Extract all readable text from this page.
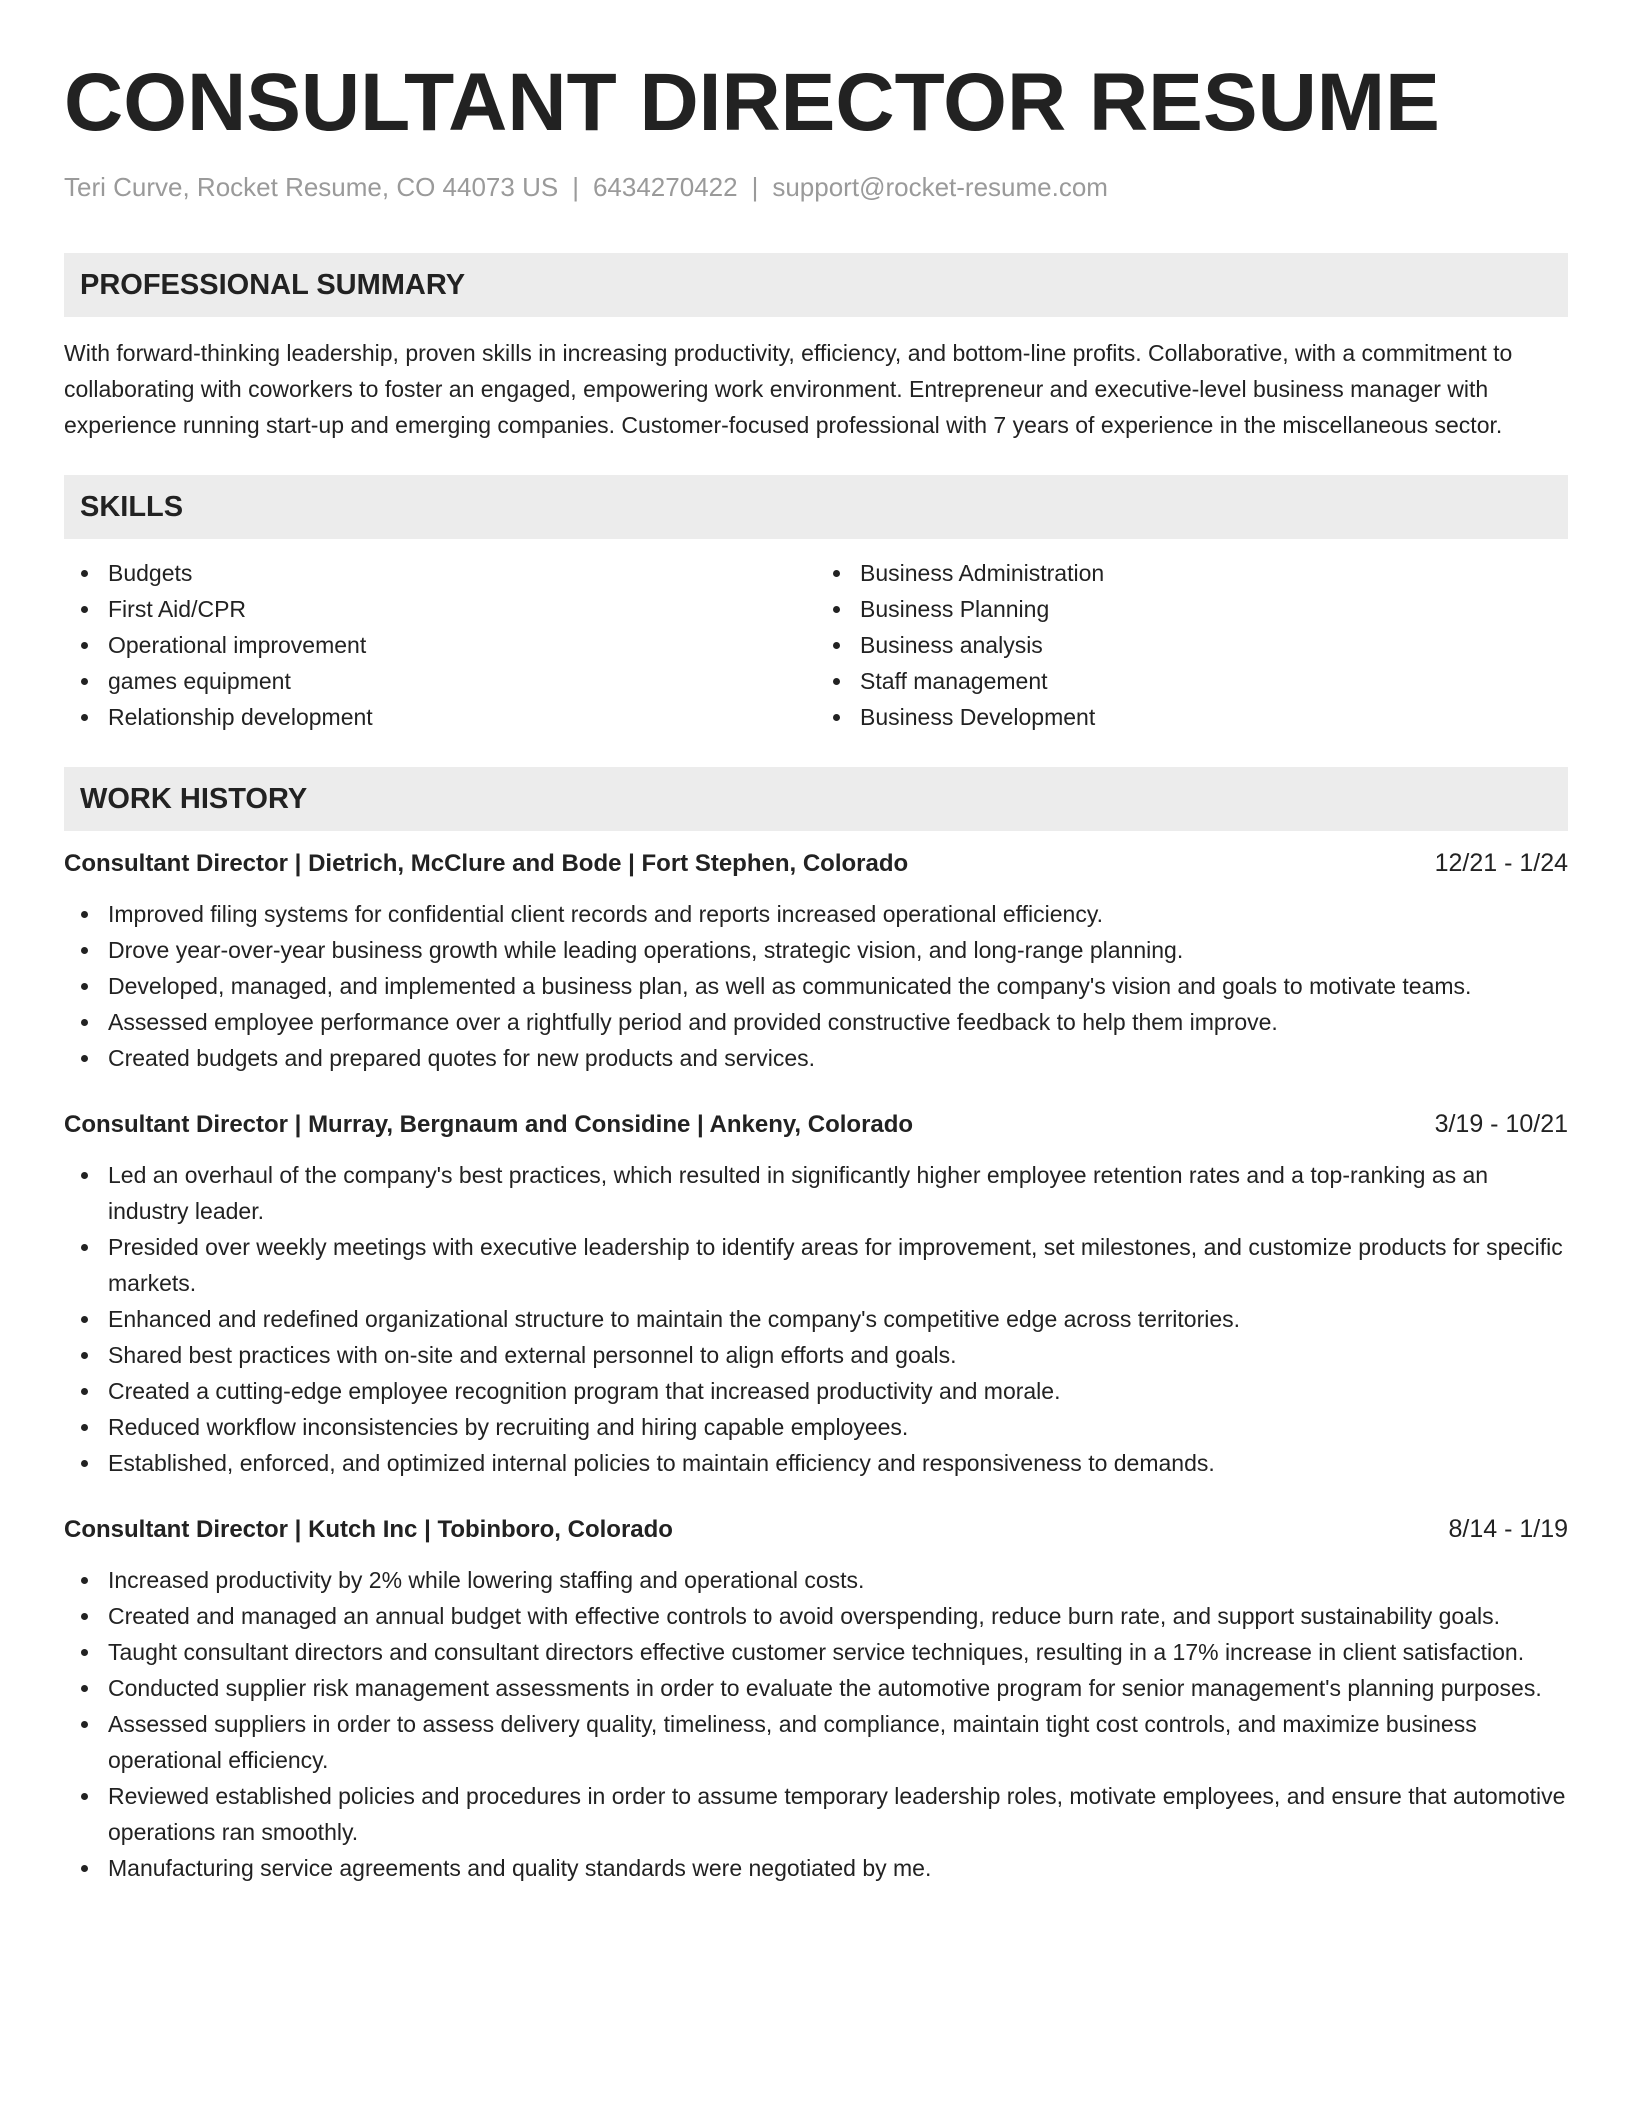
CONSULTANT DIRECTOR RESUME
Teri Curve, Rocket Resume, CO 44073 US | 6434270422 | support@rocket-resume.com
PROFESSIONAL SUMMARY
With forward-thinking leadership, proven skills in increasing productivity, efficiency, and bottom-line profits. Collaborative, with a commitment to collaborating with coworkers to foster an engaged, empowering work environment. Entrepreneur and executive-level business manager with experience running start-up and emerging companies. Customer-focused professional with 7 years of experience in the miscellaneous sector.
SKILLS
Budgets
First Aid/CPR
Operational improvement
games equipment
Relationship development
Business Administration
Business Planning
Business analysis
Staff management
Business Development
WORK HISTORY
Consultant Director | Dietrich, McClure and Bode | Fort Stephen, Colorado	12/21 - 1/24
Improved filing systems for confidential client records and reports increased operational efficiency.
Drove year-over-year business growth while leading operations, strategic vision, and long-range planning.
Developed, managed, and implemented a business plan, as well as communicated the company's vision and goals to motivate teams.
Assessed employee performance over a rightfully period and provided constructive feedback to help them improve.
Created budgets and prepared quotes for new products and services.
Consultant Director | Murray, Bergnaum and Considine | Ankeny, Colorado	3/19 - 10/21
Led an overhaul of the company's best practices, which resulted in significantly higher employee retention rates and a top-ranking as an industry leader.
Presided over weekly meetings with executive leadership to identify areas for improvement, set milestones, and customize products for specific markets.
Enhanced and redefined organizational structure to maintain the company's competitive edge across territories.
Shared best practices with on-site and external personnel to align efforts and goals.
Created a cutting-edge employee recognition program that increased productivity and morale.
Reduced workflow inconsistencies by recruiting and hiring capable employees.
Established, enforced, and optimized internal policies to maintain efficiency and responsiveness to demands.
Consultant Director | Kutch Inc | Tobinboro, Colorado	8/14 - 1/19
Increased productivity by 2% while lowering staffing and operational costs.
Created and managed an annual budget with effective controls to avoid overspending, reduce burn rate, and support sustainability goals.
Taught consultant directors and consultant directors effective customer service techniques, resulting in a 17% increase in client satisfaction.
Conducted supplier risk management assessments in order to evaluate the automotive program for senior management's planning purposes.
Assessed suppliers in order to assess delivery quality, timeliness, and compliance, maintain tight cost controls, and maximize business operational efficiency.
Reviewed established policies and procedures in order to assume temporary leadership roles, motivate employees, and ensure that automotive operations ran smoothly.
Manufacturing service agreements and quality standards were negotiated by me.
